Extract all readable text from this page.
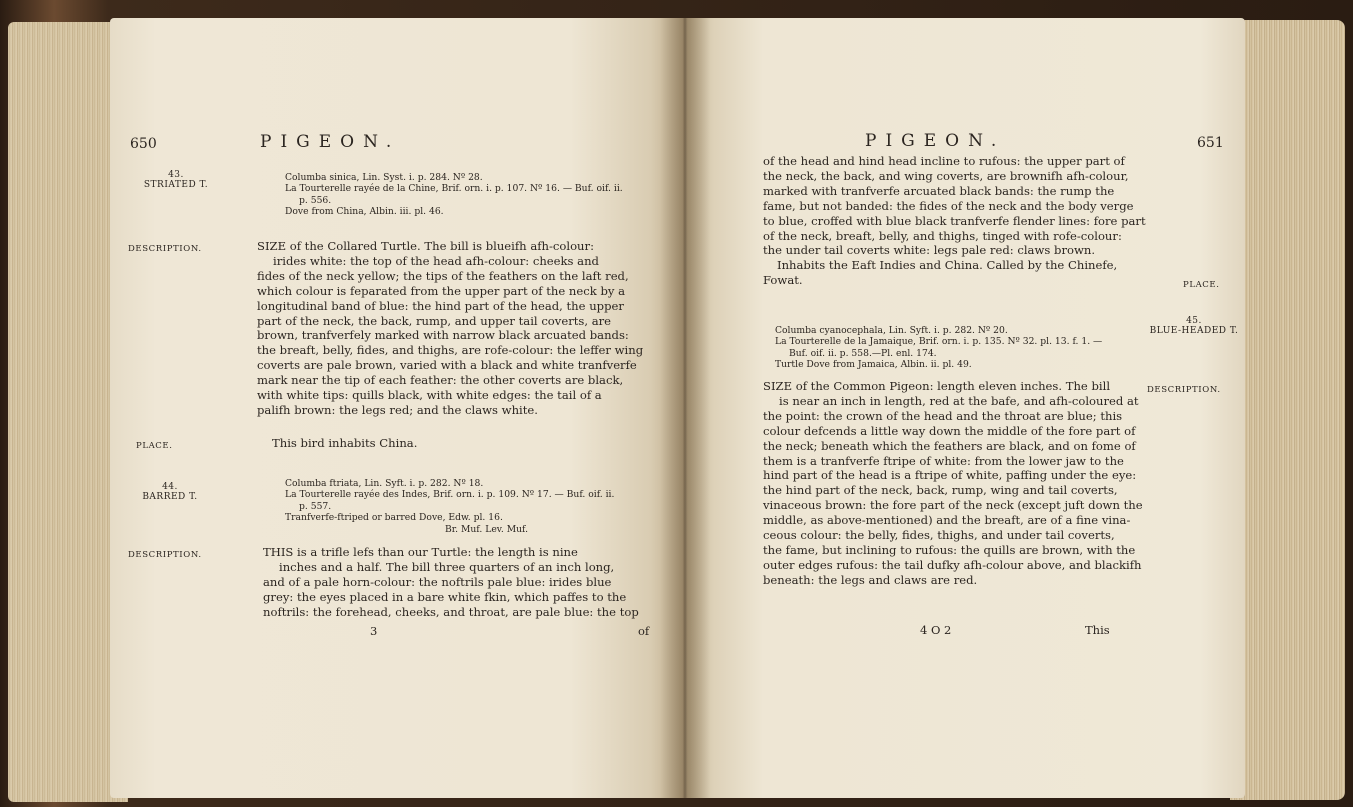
650	PIGEON.
43.
STRIATED T.
Columba sinica, Lin. Syst. i. p. 284. Nº 28.
La Tourterelle rayée de la Chine, Brif. orn. i. p. 107. Nº 16. — Buf. oif. ii.
p. 556.
Dove from China, Albin. iii. pl. 46.
DESCRIPTION.	SIZE of the Collared Turtle. The bill is blueifh afh-colour:
irides white: the top of the head afh-colour: cheeks and
fides of the neck yellow; the tips of the feathers on the laft red,
which colour is feparated from the upper part of the neck by a
longitudinal band of blue: the hind part of the head, the upper
part of the neck, the back, rump, and upper tail coverts, are
brown, tranfverfely marked with narrow black arcuated bands:
the breaft, belly, fides, and thighs, are rofe-colour: the leffer wing
coverts are pale brown, varied with a black and white tranfverfe
mark near the tip of each feather: the other coverts are black,
with white tips: quills black, with white edges: the tail of a
palifh brown: the legs red; and the claws white.
PLACE.	This bird inhabits China.
44.
BARRED T.
Columba ftriata, Lin. Syft. i. p. 282. Nº 18.
La Tourterelle rayée des Indes, Brif. orn. i. p. 109. Nº 17. — Buf. oif. ii.
p. 557.
Tranfverfe-ftriped or barred Dove, Edw. pl. 16.
Br. Muf. Lev. Muf.
DESCRIPTION.	THIS is a trifle lefs than our Turtle: the length is nine
inches and a half. The bill three quarters of an inch long,
and of a pale horn-colour: the noftrils pale blue: irides blue
grey: the eyes placed in a bare white fkin, which paffes to the
noftrils: the forehead, cheeks, and throat, are pale blue: the top
3	of
PIGEON.	651
of the head and hind head incline to rufous: the upper part of
the neck, the back, and wing coverts, are brownifh afh-colour,
marked with tranfverfe arcuated black bands: the rump the
fame, but not banded: the fides of the neck and the body verge
to blue, croffed with blue black tranfverfe flender lines: fore part
of the neck, breaft, belly, and thighs, tinged with rofe-colour:
the under tail coverts white: legs pale red: claws brown.
Inhabits the Eaft Indies and China. Called by the Chinefe,
Fowat.	PLACE.
Columba cyanocephala, Lin. Syft. i. p. 282. Nº 20.
La Tourterelle de la Jamaique, Brif. orn. i. p. 135. Nº 32. pl. 13. f. 1. —
Buf. oif. ii. p. 558.—Pl. enl. 174.
Turtle Dove from Jamaica, Albin. ii. pl. 49.
45.
BLUE-HEADED T.
DESCRIPTION.
SIZE of the Common Pigeon: length eleven inches. The bill
is near an inch in length, red at the bafe, and afh-coloured at
the point: the crown of the head and the throat are blue; this
colour defcends a little way down the middle of the fore part of
the neck; beneath which the feathers are black, and on fome of
them is a tranfverfe ftripe of white: from the lower jaw to the
hind part of the head is a ftripe of white, paffing under the eye:
the hind part of the neck, back, rump, wing and tail coverts,
vinaceous brown: the fore part of the neck (except juft down the
middle, as above-mentioned) and the breaft, are of a fine vina-
ceous colour: the belly, fides, thighs, and under tail coverts,
the fame, but inclining to rufous: the quills are brown, with the
outer edges rufous: the tail dufky afh-colour above, and blackifh
beneath: the legs and claws are red.
4 O 2	This
